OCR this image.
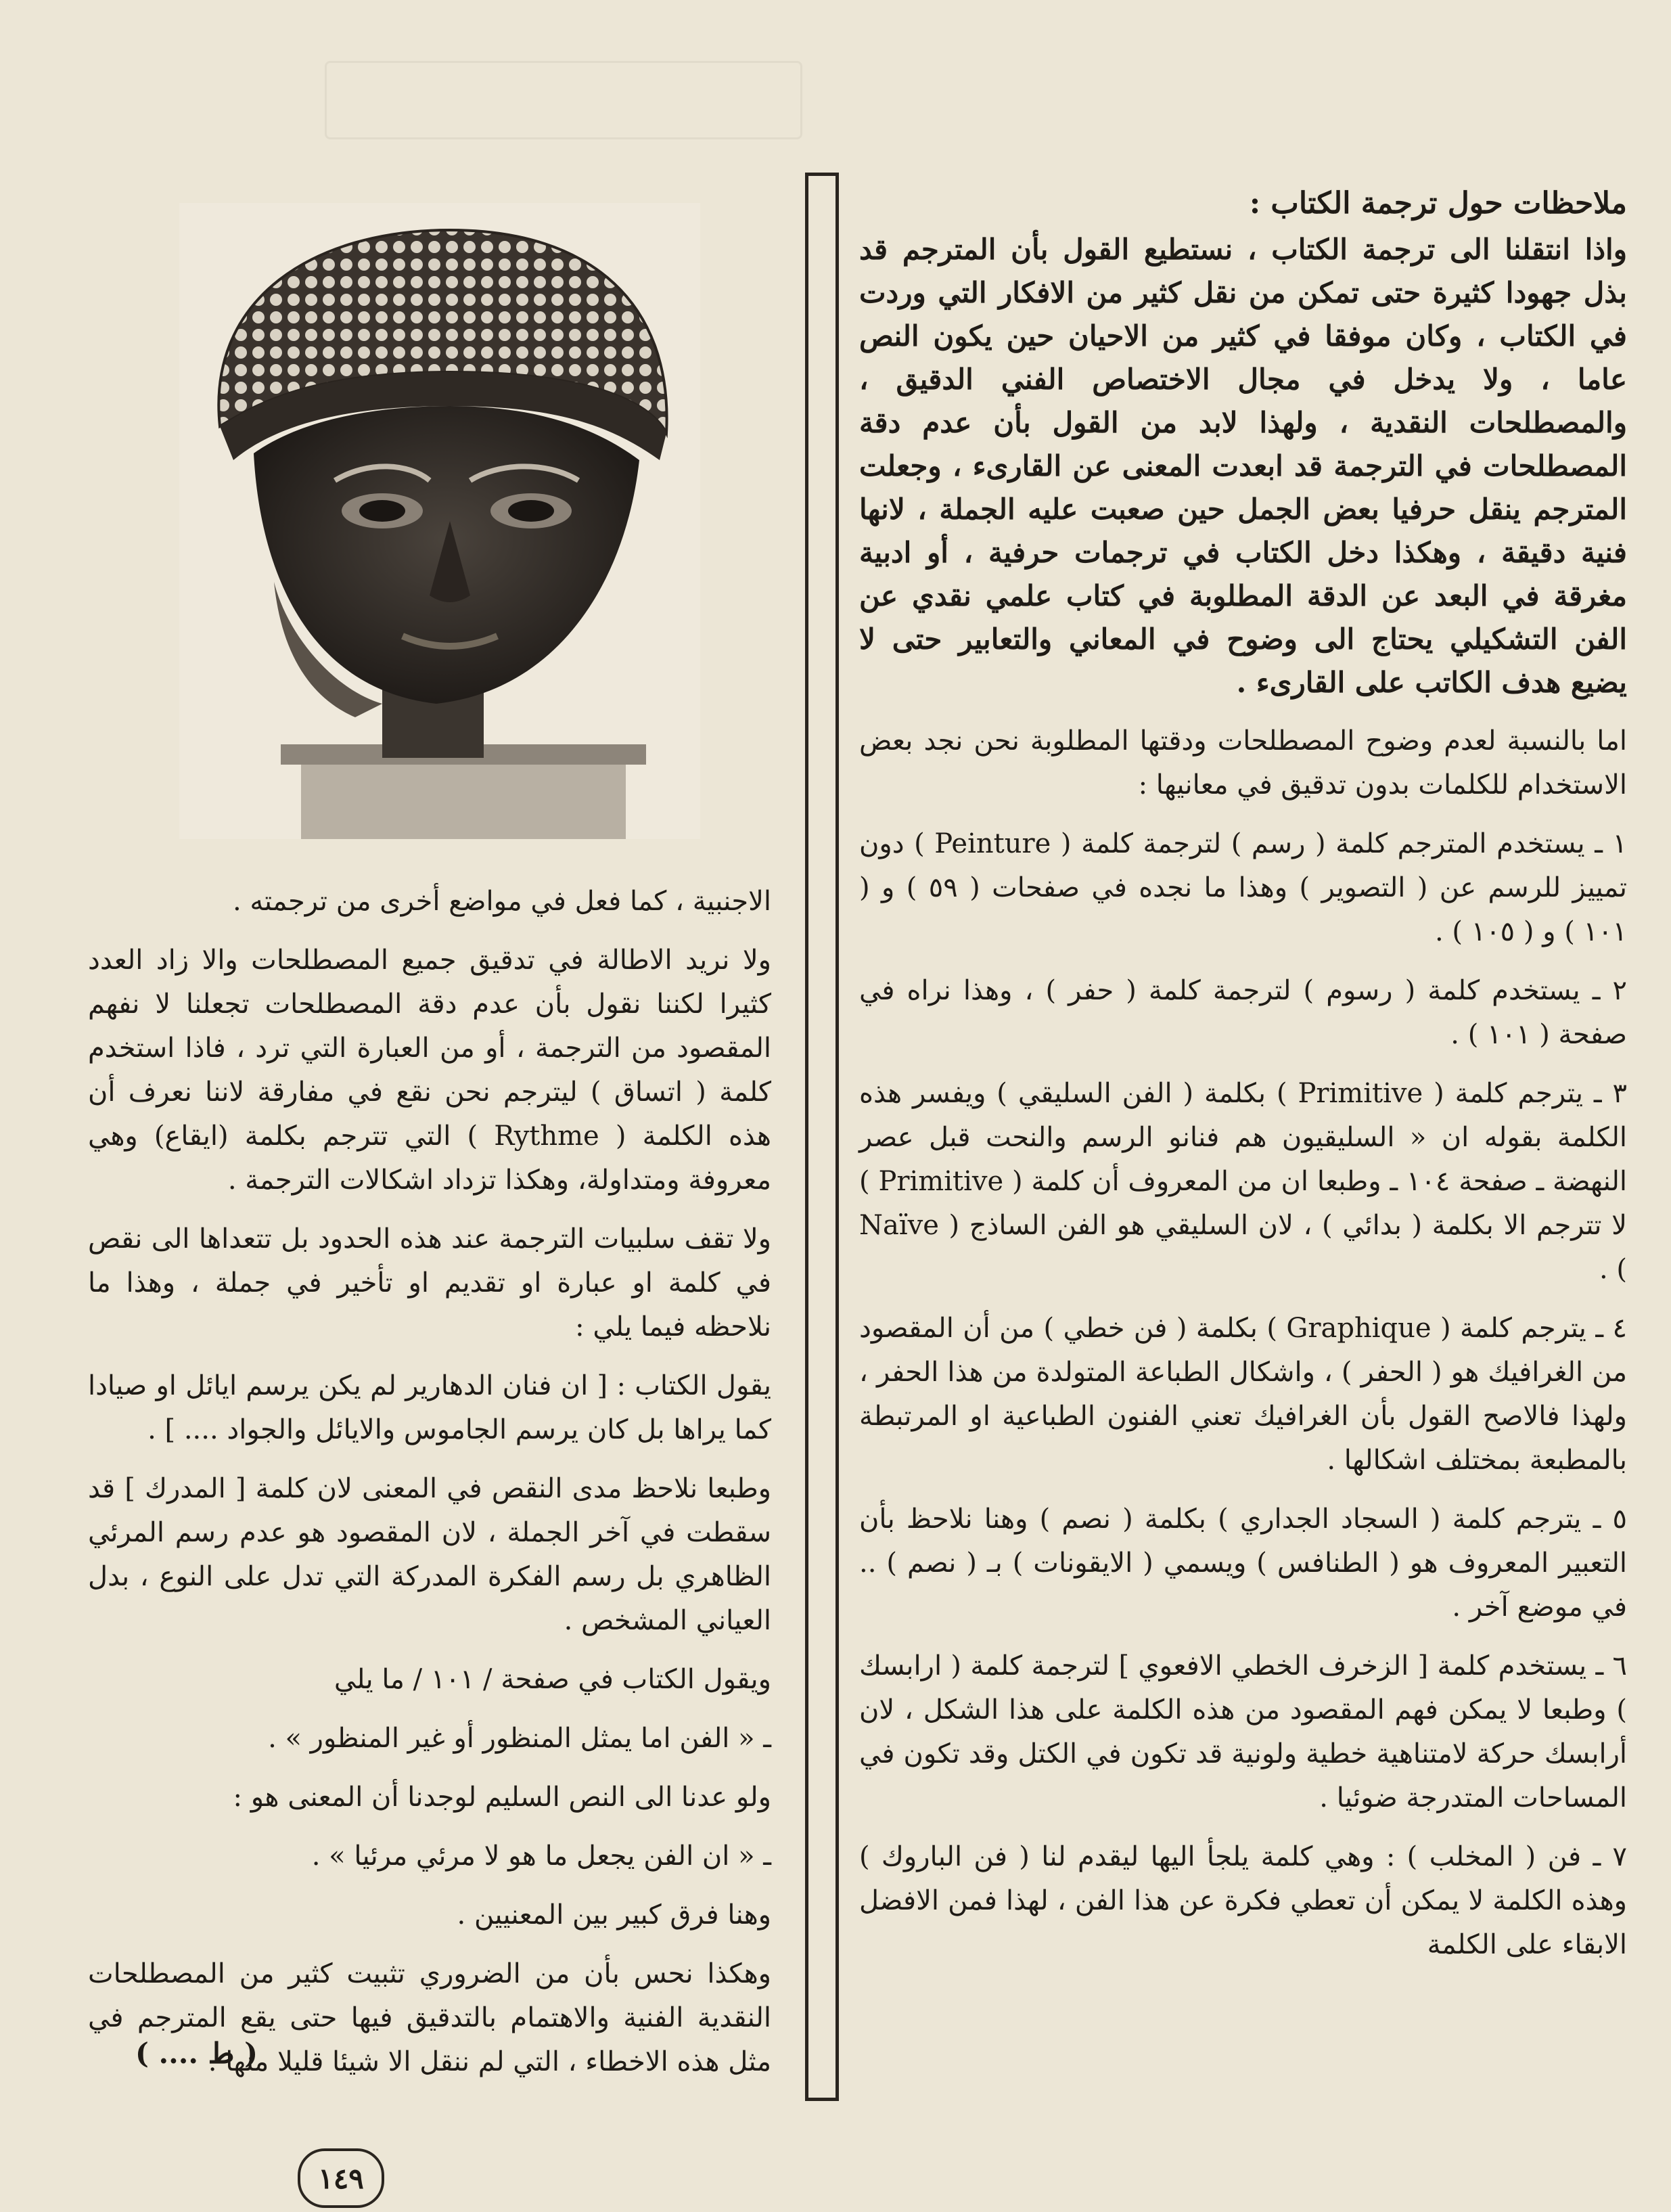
ملاحظات حول ترجمة الكتاب :

واذا انتقلنا الى ترجمة الكتاب ، نستطيع القول بأن المترجم قد بذل جهودا كثيرة حتى تمكن من نقل كثير من الافكار التي وردت في الكتاب ، وكان موفقا في كثير من الاحيان حين يكون النص عاما ، ولا يدخل في مجال الاختصاص الفني الدقيق ، والمصطلحات النقدية ، ولهذا لابد من القول بأن عدم دقة المصطلحات في الترجمة قد ابعدت المعنى عن القارىء ، وجعلت المترجم ينقل حرفيا بعض الجمل حين صعبت عليه الجملة ، لانها فنية دقيقة ، وهكذا دخل الكتاب في ترجمات حرفية ، أو ادبية مغرقة في البعد عن الدقة المطلوبة في كتاب علمي نقدي عن الفن التشكيلي يحتاج الى وضوح في المعاني والتعابير حتى لا يضيع هدف الكاتب على القارىء .

اما بالنسبة لعدم وضوح المصطلحات ودقتها المطلوبة نحن نجد بعض الاستخدام للكلمات بدون تدقيق في معانيها :

١ ـ يستخدم المترجم كلمة ( رسم ) لترجمة كلمة ( Peinture ) دون تمييز للرسم عن ( التصوير ) وهذا ما نجده في صفحات ( ٥٩ ) و ( ١٠١ ) و ( ١٠٥ ) .

٢ ـ يستخدم كلمة ( رسوم ) لترجمة كلمة ( حفر ) ، وهذا نراه في صفحة ( ١٠١ ) .

٣ ـ يترجم كلمة ( Primitive ) بكلمة ( الفن السليقي ) ويفسر هذه الكلمة بقوله ان « السليقيون هم فنانو الرسم والنحت قبل عصر النهضة ـ صفحة ١٠٤ ـ وطبعا ان من المعروف أن كلمة ( Primitive ) لا تترجم الا بكلمة ( بدائي ) ، لان السليقي هو الفن الساذج ( Naïve ) .

٤ ـ يترجم كلمة ( Graphique ) بكلمة ( فن خطي ) من أن المقصود من الغرافيك هو ( الحفر ) ، واشكال الطباعة المتولدة من هذا الحفر ، ولهذا فالاصح القول بأن الغرافيك تعني الفنون الطباعية او المرتبطة بالمطبعة بمختلف اشكالها .

٥ ـ يترجم كلمة ( السجاد الجداري ) بكلمة ( نصم ) وهنا نلاحظ بأن التعبير المعروف هو ( الطنافس ) ويسمي ( الايقونات ) بـ ( نصم ) .. في موضع آخر .

٦ ـ يستخدم كلمة [ الزخرف الخطي الافعوي ] لترجمة كلمة ( ارابسك ) وطبعا لا يمكن فهم المقصود من هذه الكلمة على هذا الشكل ، لان أرابسك حركة لامتناهية خطية ولونية قد تكون في الكتل وقد تكون في المساحات المتدرجة ضوئيا .

٧ ـ فن ( المخلب ) : وهي كلمة يلجأ اليها ليقدم لنا ( فن الباروك ) وهذه الكلمة لا يمكن أن تعطي فكرة عن هذا الفن ، لهذا فمن الافضل الابقاء على الكلمة

الاجنبية ، كما فعل في مواضع أخرى من ترجمته .

ولا نريد الاطالة في تدقيق جميع المصطلحات والا زاد العدد كثيرا لكننا نقول بأن عدم دقة المصطلحات تجعلنا لا نفهم المقصود من الترجمة ، أو من العبارة التي ترد ، فاذا استخدم كلمة ( اتساق ) ليترجم نحن نقع في مفارقة لاننا نعرف أن هذه الكلمة ( Rythme ) التي تترجم بكلمة (ايقاع) وهي معروفة ومتداولة، وهكذا تزداد اشكالات الترجمة .

ولا تقف سلبيات الترجمة عند هذه الحدود بل تتعداها الى نقص في كلمة او عبارة او تقديم او تأخير في جملة ، وهذا ما نلاحظه فيما يلي :

يقول الكتاب : [ ان فنان الدهارير لم يكن يرسم ايائل او صيادا كما يراها بل كان يرسم الجاموس والايائل والجواد .... ] .

وطبعا نلاحظ مدى النقص في المعنى لان كلمة [ المدرك ] قد سقطت في آخر الجملة ، لان المقصود هو عدم رسم المرئي الظاهري بل رسم الفكرة المدركة التي تدل على النوع ، بدل العياني المشخص .

ويقول الكتاب في صفحة / ١٠١ / ما يلي

ـ « الفن اما يمثل المنظور أو غير المنظور » .

ولو عدنا الى النص السليم لوجدنا أن المعنى هو :

ـ « ان الفن يجعل ما هو لا مرئي مرئيا » .

وهنا فرق كبير بين المعنيين .

وهكذا نحس بأن من الضروري تثبيت كثير من المصطلحات النقدية الفنية والاهتمام بالتدقيق فيها حتى يقع المترجم في مثل هذه الاخطاء ، التي لم ننقل الا شيئا قليلا منها .

( ط .... )
١٤٩
